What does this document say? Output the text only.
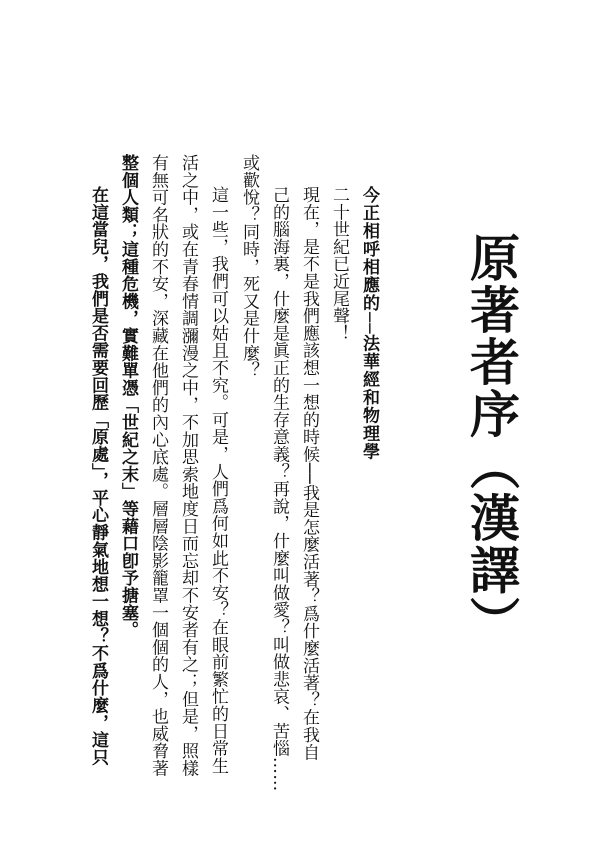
原著者序（漢譯）
今正相呼相應的──法華經和物理學
二十世紀已近尾聲！
現在，是不是我們應該想一想的時候──我是怎麼活著？爲什麼活著？在我自
己的腦海裏，什麼是眞正的生存意義？再說，什麼叫做愛？叫做悲哀、苦惱……
或歡悅？同時，死又是什麼？
這一些，我們可以姑且不究。可是，人們爲何如此不安？在眼前繁忙的日常生
活之中，或在青春情調瀰漫之中，不加思索地度日而忘却不安者有之；但是，照樣
有無可名狀的不安，深藏在他們的內心底處。層層陰影籠罩一個個的人，也威脅著
整個人類；這種危機，實難單憑「世紀之末」等藉口卽予搪塞。
在這當兒，我們是否需要回歷「原處」，平心靜氣地想一想？不爲什麼，這只
